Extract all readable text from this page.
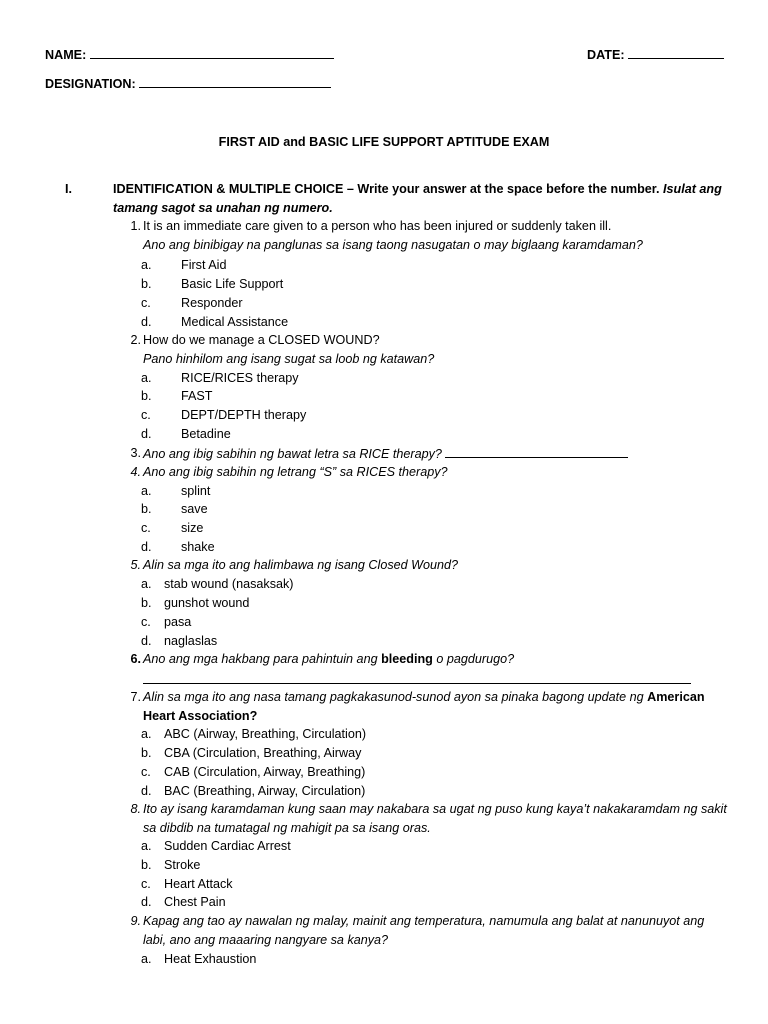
NAME:	DATE:
DESIGNATION:
FIRST AID and BASIC LIFE SUPPORT APTITUDE EXAM
I.	IDENTIFICATION & MULTIPLE CHOICE – Write your answer at the space before the number. Isulat ang tamang sagot sa unahan ng numero.
1. It is an immediate care given to a person who has been injured or suddenly taken ill.
Ano ang binibigay na panglunas sa isang taong nasugatan o may biglaang karamdaman?
a. First Aid
b. Basic Life Support
c. Responder
d. Medical Assistance
2. How do we manage a CLOSED WOUND?
Pano hinhilom ang isang sugat sa loob ng katawan?
a. RICE/RICES therapy
b. FAST
c. DEPT/DEPTH therapy
d. Betadine
3. Ano ang ibig sabihin ng bawat letra sa RICE therapy?
4. Ano ang ibig sabihin ng letrang “S” sa RICES therapy?
a. splint
b. save
c. size
d. shake
5. Alin sa mga ito ang halimbawa ng isang Closed Wound?
a. stab wound (nasaksak)
b. gunshot wound
c. pasa
d. naglaslas
6. Ano ang mga hakbang para pahintuin ang bleeding o pagdurugo?
7. Alin sa mga ito ang nasa tamang pagkakasunod-sunod ayon sa pinaka bagong update ng American Heart Association?
a. ABC (Airway, Breathing, Circulation)
b. CBA (Circulation, Breathing, Airway
c. CAB (Circulation, Airway, Breathing)
d. BAC (Breathing, Airway, Circulation)
8. Ito ay isang karamdaman kung saan may nakabara sa ugat ng puso kung kaya’t nakakaramdam ng sakit sa dibdib na tumatagal ng mahigit pa sa isang oras.
a. Sudden Cardiac Arrest
b. Stroke
c. Heart Attack
d. Chest Pain
9. Kapag ang tao ay nawalan ng malay, mainit ang temperatura, namumula ang balat at nanunuyot ang labi, ano ang maaaring nangyare sa kanya?
a. Heat Exhaustion
